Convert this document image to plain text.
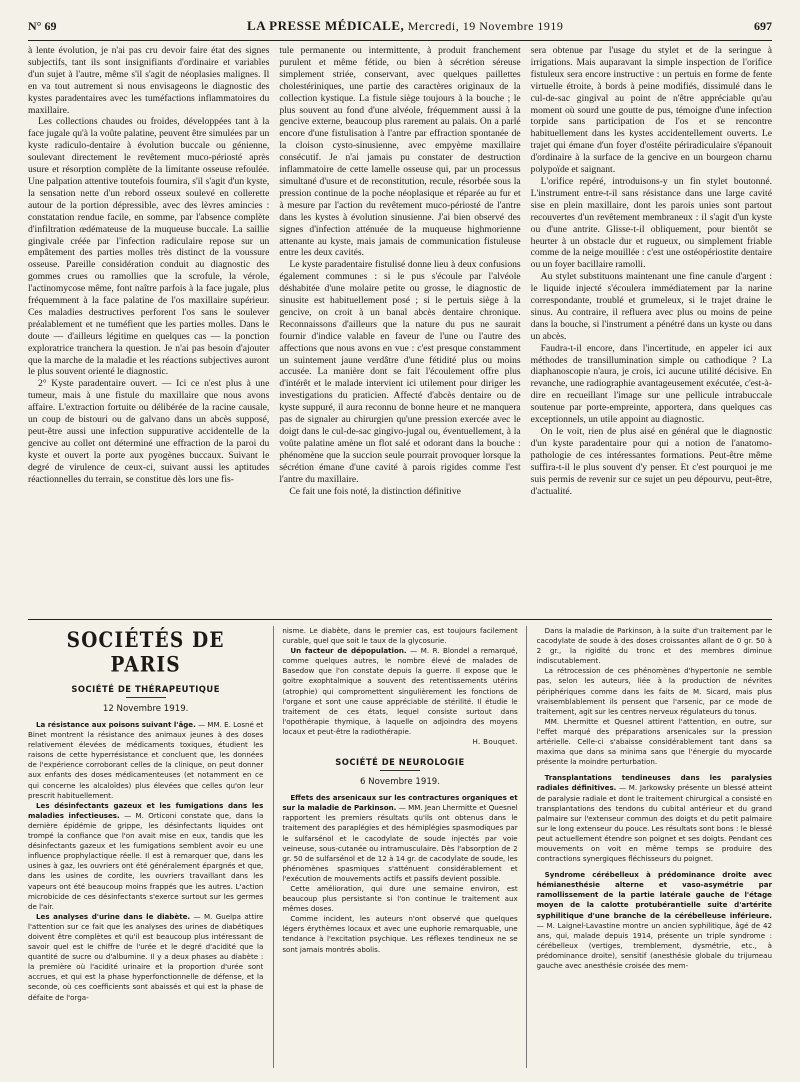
N° 69	LA PRESSE MÉDICALE, Mercredi, 19 Novembre 1919	697

à lente évolution, je n'ai pas cru devoir faire état des signes subjectifs, tant ils sont insignifiants d'ordinaire et variables d'un sujet à l'autre, même s'il s'agit de néoplasies malignes. Il en va tout autrement si nous envisageons le diagnostic des kystes paradentaires avec les tuméfactions inflammatoires du maxillaire.

Les collections chaudes ou froides, développées tant à la face jugale qu'à la voûte palatine, peuvent être simulées par un kyste radiculo-dentaire à évolution buccale ou génienne, soulevant directement le revêtement muco-périosté après usure et résorption complète de la limitante osseuse refoulée. Une palpation attentive toutefois fournira, s'il s'agit d'un kyste, la sensation nette d'un rebord osseux soulevé en collerette autour de la portion dépressible, avec des lèvres amincies : constatation rendue facile, en somme, par l'absence complète d'infiltration œdémateuse de la muqueuse buccale. La saillie gingivale créée par l'infection radiculaire repose sur un empâtement des parties molles très distinct de la voussure osseuse. Pareille considération conduit au diagnostic des gommes crues ou ramollies que la scrofule, la vérole, l'actinomycose même, font naître parfois à la face jugale, plus fréquemment à la face palatine de l'os maxillaire supérieur. Ces maladies destructives perforent l'os sans le soulever préalablement et ne tuméfient que les parties molles. Dans le doute — d'ailleurs légitime en quelques cas — la ponction exploratrice tranchera la question. Je n'ai pas besoin d'ajouter que la marche de la maladie et les réactions subjectives auront le plus souvent orienté le diagnostic.

2° Kyste paradentaire ouvert. — Ici ce n'est plus à une tumeur, mais à une fistule du maxillaire que nous avons affaire. L'extraction fortuite ou délibérée de la racine causale, un coup de bistouri ou de galvano dans un abcès supposé, peut-être aussi une infection suppurative accidentelle de la gencive au collet ont déterminé une effraction de la paroi du kyste et ouvert la porte aux pyogènes buccaux. Suivant le degré de virulence de ceux-ci, suivant aussi les aptitudes réactionnelles du terrain, se constitue dès lors une fis-

tule permanente ou intermittente, à produit franchement purulent et même fétide, ou bien à sécrétion séreuse simplement striée, conservant, avec quelques paillettes cholestériniques, une partie des caractères originaux de la collection kystique. La fistule siège toujours à la bouche ; le plus souvent au fond d'une alvéole, fréquemment aussi à la gencive externe, beaucoup plus rarement au palais. On a parlé encore d'une fistulisation à l'antre par effraction spontanée de la cloison cysto-sinusienne, avec empyème maxillaire consécutif. Je n'ai jamais pu constater de destruction inflammatoire de cette lamelle osseuse qui, par un processus simultané d'usure et de reconstitution, recule, résorbée sous la pression continue de la poche néoplasique et réparée au fur et à mesure par l'action du revêtement muco-périosté de l'antre dans les kystes à évolution sinusienne. J'ai bien observé des signes d'infection atténuée de la muqueuse highmorienne attenante au kyste, mais jamais de communication fistuleuse entre les deux cavités.

Le kyste paradentaire fistulisé donne lieu à deux confusions également communes : si le pus s'écoule par l'alvéole déshabitée d'une molaire petite ou grosse, le diagnostic de sinusite est habituellement posé ; si le pertuis siège à la gencive, on croit à un banal abcès dentaire chronique. Reconnaissons d'ailleurs que la nature du pus ne saurait fournir d'indice valable en faveur de l'une ou l'autre des affections que nous avons en vue : c'est presque constamment un suintement jaune verdâtre d'une fétidité plus ou moins accusée. La manière dont se fait l'écoulement offre plus d'intérêt et le malade intervient ici utilement pour diriger les investigations du praticien. Affecté d'abcès dentaire ou de kyste suppuré, il aura reconnu de bonne heure et ne manquera pas de signaler au chirurgien qu'une pression exercée avec le doigt dans le cul-de-sac gingivo-jugal ou, éventuellement, à la voûte palatine amène un flot salé et odorant dans la bouche : phénomène que la succion seule pourrait provoquer lorsque la sécrétion émane d'une cavité à parois rigides comme l'est l'antre du maxillaire.

Ce fait une fois noté, la distinction définitive

sera obtenue par l'usage du stylet et de la seringue à irrigations. Mais auparavant la simple inspection de l'orifice fistuleux sera encore instructive : un pertuis en forme de fente virtuelle étroite, à bords à peine modifiés, dissimulé dans le cul-de-sac gingival au point de n'être appréciable qu'au moment où sourd une goutte de pus, témoigne d'une infection torpide sans participation de l'os et se rencontre habituellement dans les kystes accidentellement ouverts. Le trajet qui émane d'un foyer d'ostéite périradiculaire s'épanouit d'ordinaire à la surface de la gencive en un bourgeon charnu polypoïde et saignant.

L'orifice repéré, introduisons-y un fin stylet boutonné. L'instrument entre-t-il sans résistance dans une large cavité sise en plein maxillaire, dont les parois unies sont partout recouvertes d'un revêtement membraneux : il s'agit d'un kyste ou d'une antrite. Glisse-t-il obliquement, pour bientôt se heurter à un obstacle dur et rugueux, ou simplement friable comme de la neige mouillée : c'est une ostéopériostite dentaire ou un foyer bacillaire ramolli.

Au stylet substituons maintenant une fine canule d'argent : le liquide injecté s'écoulera immédiatement par la narine correspondante, troublé et grumeleux, si le trajet draine le sinus. Au contraire, il refluera avec plus ou moins de peine dans la bouche, si l'instrument a pénétré dans un kyste ou dans un abcès.

Faudra-t-il encore, dans l'incertitude, en appeler ici aux méthodes de transillumination simple ou cathodique ? La diaphanoscopie n'aura, je crois, ici aucune utilité décisive. En revanche, une radiographie avantageusement exécutée, c'est-à-dire en recueillant l'image sur une pellicule intrabuccale soutenue par porte-empreinte, apportera, dans quelques cas exceptionnels, un utile appoint au diagnostic.

On le voit, rien de plus aisé en général que le diagnostic d'un kyste paradentaire pour qui a notion de l'anatomo-pathologie de ces intéressantes formations. Peut-être même suffira-t-il le plus souvent d'y penser. Et c'est pourquoi je me suis permis de revenir sur ce sujet un peu dépourvu, peut-être, d'actualité.

SOCIÉTÉS DE PARIS
SOCIÉTÉ DE THÉRAPEUTIQUE
12 Novembre 1919.

La résistance aux poisons suivant l'âge. — MM. E. Losné et Binet montrent la résistance des animaux jeunes à des doses relativement élevées de médicaments toxiques, étudient les raisons de cette hyperrésistance et concluent que, les données de l'expérience corroborant celles de la clinique, on peut donner aux enfants des doses médicamenteuses (et notamment en ce qui concerne les alcaloïdes) plus élevées que celles qu'on leur prescrit habituellement.

Les désinfectants gazeux et les fumigations dans les maladies infectieuses. — M. Orticoni constate que, dans la dernière épidémie de grippe, les désinfectants liquides ont trompé la confiance que l'on avait mise en eux, tandis que les désinfectants gazeux et les fumigations semblent avoir eu une influence prophylactique réelle. Il est à remarquer que, dans les usines à gaz, les ouvriers ont été généralement épargnés et que, dans les usines de cordite, les ouvriers travaillant dans les vapeurs ont été beaucoup moins frappés que les autres. L'action microbicide de ces désinfectants s'exerce surtout sur les germes de l'air.

Les analyses d'urine dans le diabète. — M. Guelpa attire l'attention sur ce fait que les analyses des urines de diabétiques doivent être complètes et qu'il est beaucoup plus intéressant de savoir quel est le chiffre de l'urée et le degré d'acidité que la quantité de sucre ou d'albumine. Il y a deux phases au diabète : la première où l'acidité urinaire et la proportion d'urée sont accrues, et qui est la phase hyperfonctionnelle de défense, et la seconde, où ces coefficients sont abaissés et qui est la phase de défaite de l'orga-

nisme. Le diabète, dans le premier cas, est toujours facilement curable, quel que soit le taux de la glycosurie.

Un facteur de dépopulation. — M. R. Blondel a remarqué, comme quelques autres, le nombre élevé de malades de Basedow que l'on constate depuis la guerre. Il expose que le goitre exophtalmique a souvent des retentissements utérins (atrophie) qui compromettent singulièrement les fonctions de l'organe et sont une cause appréciable de stérilité. Il étudie le traitement de ces états, lequel consiste surtout dans l'opothérapie thymique, à laquelle on adjoindra des moyens locaux et peut-être la radiothérapie.

H. Bouquet.

SOCIÉTÉ DE NEUROLOGIE
6 Novembre 1919.

Effets des arsenicaux sur les contractures organiques et sur la maladie de Parkinson. — MM. Jean Lhermitte et Quesnel rapportent les premiers résultats qu'ils ont obtenus dans le traitement des paraplégies et des hémiplégies spasmodiques par le sulfarsénol et le cacodylate de soude injectés par voie veineuse, sous-cutanée ou intramusculaire. Dès l'absorption de 2 gr. 50 de sulfarsénol et de 12 à 14 gr. de cacodylate de soude, les phénomènes spasmiques s'atténuent considérablement et l'exécution de mouvements actifs et passifs devient possible.

Cette amélioration, qui dure une semaine environ, est beaucoup plus persistante si l'on continue le traitement aux mêmes doses.

Comme incident, les auteurs n'ont observé que quelques légers érythèmes locaux et avec une euphorie remarquable, une tendance à l'excitation psychique. Les réflexes tendineux ne se sont jamais montrés abolis.

Dans la maladie de Parkinson, à la suite d'un traitement par le cacodylate de soude à des doses croissantes allant de 0 gr. 50 à 2 gr., la rigidité du tronc et des membres diminue indiscutablement.

La rétrocession de ces phénomènes d'hypertonie ne semble pas, selon les auteurs, liée à la production de névrites périphériques comme dans les faits de M. Sicard, mais plus vraisemblablement ils pensent que l'arsenic, par ce mode de traitement, agit sur les centres nerveux régulateurs du tonus.

MM. Lhermitte et Quesnel attirent l'attention, en outre, sur l'effet marqué des préparations arsenicales sur la pression artérielle. Celle-ci s'abaisse considérablement tant dans sa maxima que dans sa minima sans que l'énergie du myocarde présente la moindre perturbation.

Transplantations tendineuses dans les paralysies radiales définitives. — M. Jarkowsky présente un blessé atteint de paralysie radiale et dont le traitement chirurgical a consisté en transplantations des tendons du cubital antérieur et du grand palmaire sur l'extenseur commun des doigts et du petit palmaire sur le long extenseur du pouce. Les résultats sont bons : le blessé peut actuellement étendre son poignet et ses doigts. Pendant ces mouvements on voit en même temps se produire des contractions synergiques fléchisseurs du poignet.

Syndrome cérébelleux à prédominance droite avec hémianesthésie alterne et vaso-asymétrie par ramollissement de la partie latérale gauche de l'étage moyen de la calotte protubérantielle suite d'artérite syphilitique d'une branche de la cérébelleuse inférieure. — M. Laignel-Lavastine montre un ancien syphilitique, âgé de 42 ans, qui, malade depuis 1914, présente un triple syndrome : cérébelleux (vertiges, tremblement, dysmétrie, etc., à prédominance droite), sensitif (anesthésie globale du trijumeau gauche avec anesthésie croisée des mem-
